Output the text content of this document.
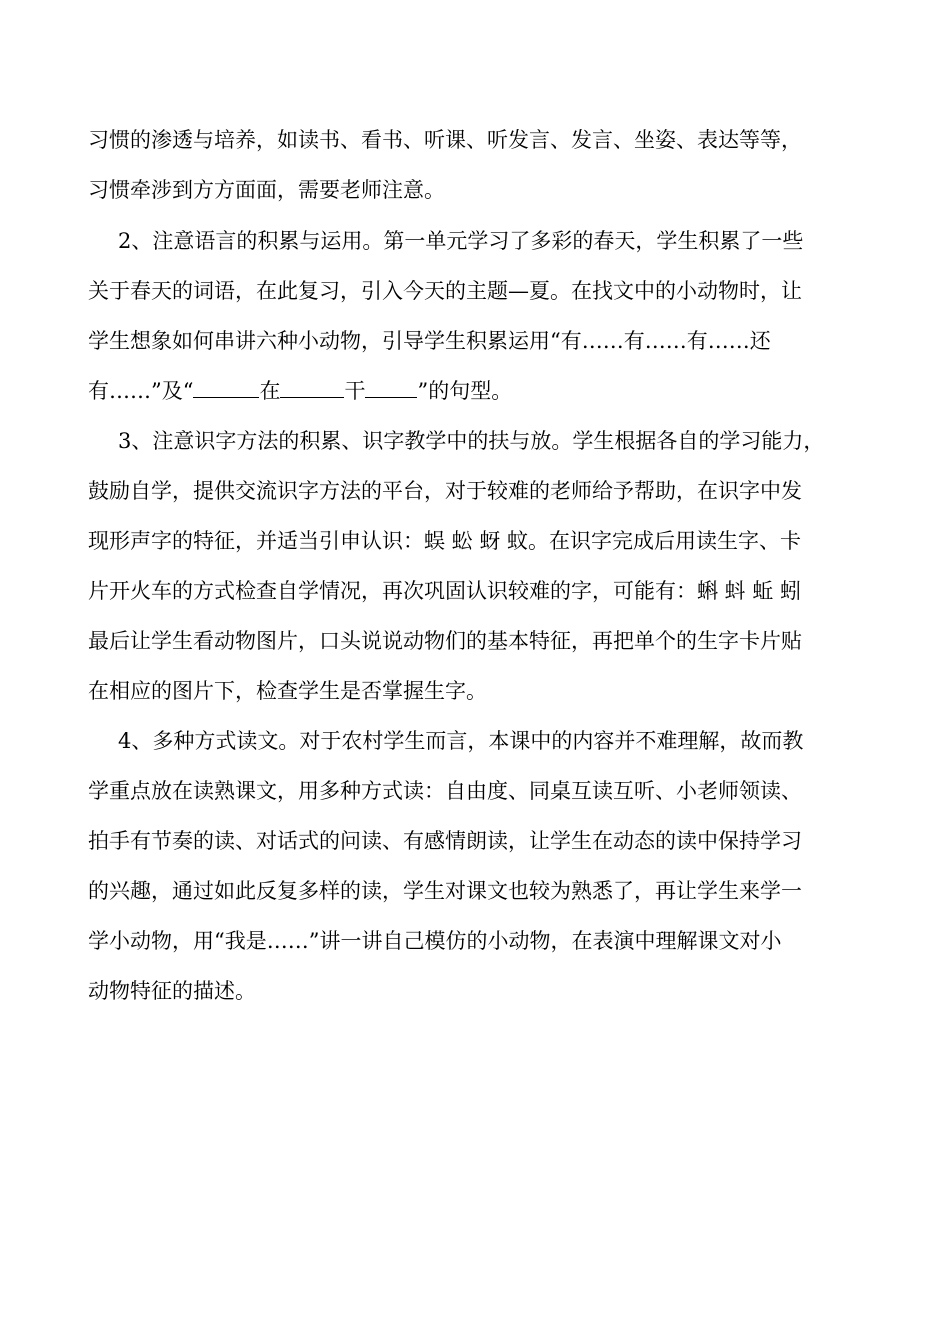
习惯的渗透与培养，如读书、看书、听课、听发言、发言、坐姿、表达等等，
习惯牵涉到方方面面，需要老师注意。
2、注意语言的积累与运用。第一单元学习了多彩的春天，学生积累了一些
关于春天的词语，在此复习，引入今天的主题—夏。在找文中的小动物时，让
学生想象如何串讲六种小动物，引导学生积累运用“有……有……有……还
有……”及“	在	干 ”的句型。
3、注意识字方法的积累、识字教学中的扶与放。学生根据各自的学习能力，
鼓励自学，提供交流识字方法的平台，对于较难的老师给予帮助，在识字中发
现形声字的特征，并适当引申认识：蜈 蚣 蚜 蚊。在识字完成后用读生字、卡
片开火车的方式检查自学情况，再次巩固认识较难的字，可能有：蝌 蚪 蚯 蚓
最后让学生看动物图片，口头说说动物们的基本特征，再把单个的生字卡片贴
在相应的图片下，检查学生是否掌握生字。
4、多种方式读文。对于农村学生而言，本课中的内容并不难理解，故而教
学重点放在读熟课文，用多种方式读：自由度、同桌互读互听、小老师领读、
拍手有节奏的读、对话式的问读、有感情朗读，让学生在动态的读中保持学习
的兴趣，通过如此反复多样的读，学生对课文也较为熟悉了，再让学生来学一
学小动物，用“我是……”讲一讲自己模仿的小动物，在表演中理解课文对小
动物特征的描述。
